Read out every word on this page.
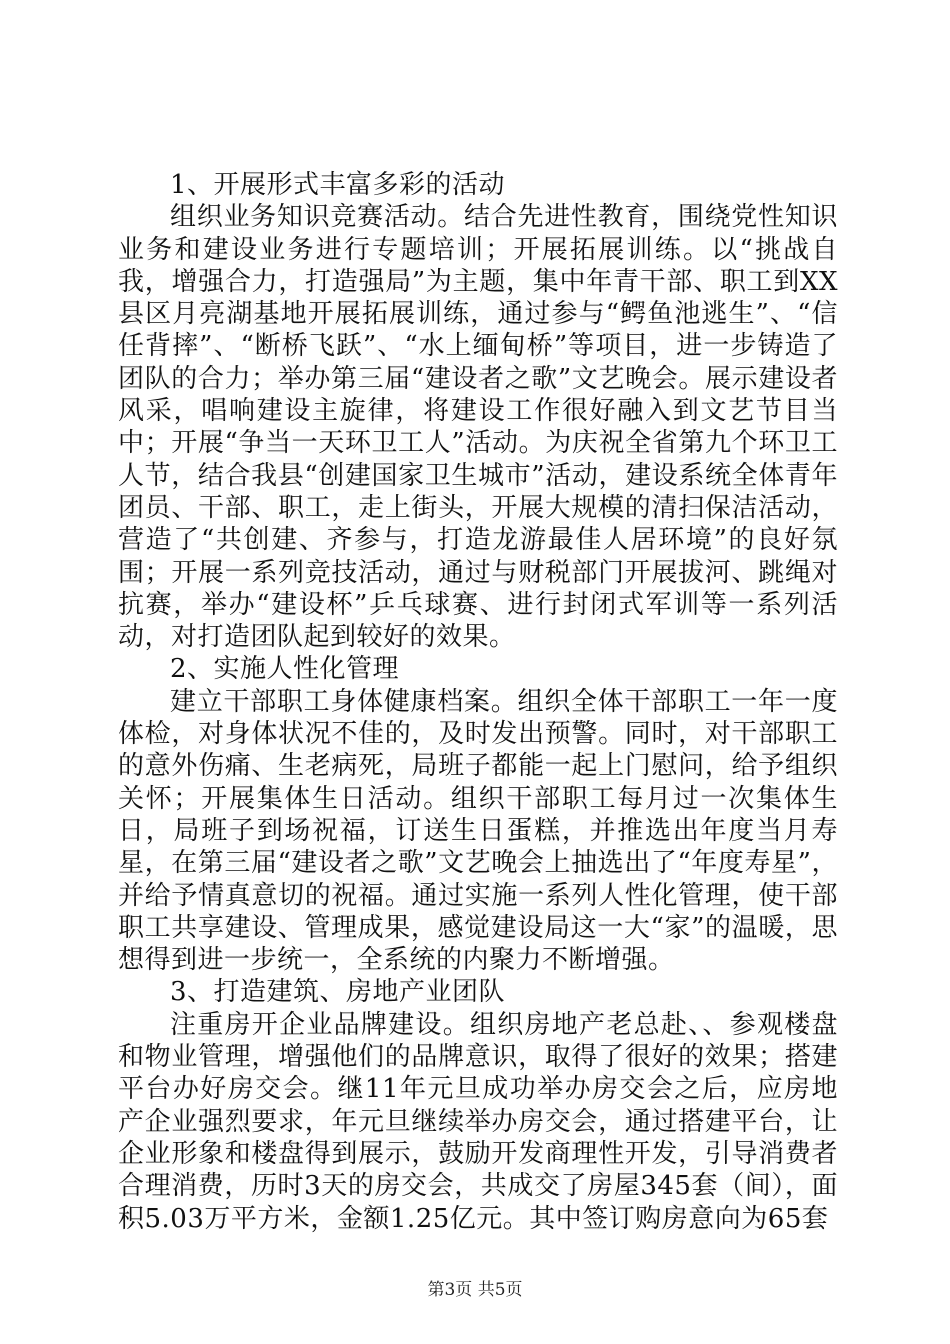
1、开展形式丰富多彩的活动

组织业务知识竞赛活动。结合先进性教育，围绕党性知识业务和建设业务进行专题培训；开展拓展训练。以“挑战自我，增强合力，打造强局”为主题，集中年青干部、职工到XX县区月亮湖基地开展拓展训练，通过参与“鳄鱼池逃生”、“信任背摔”、“断桥飞跃”、“水上缅甸桥”等项目，进一步铸造了团队的合力；举办第三届“建设者之歌”文艺晚会。展示建设者风采，唱响建设主旋律，将建设工作很好融入到文艺节目当中；开展“争当一天环卫工人”活动。为庆祝全省第九个环卫工人节，结合我县“创建国家卫生城市”活动，建设系统全体青年团员、干部、职工，走上街头，开展大规模的清扫保洁活动，营造了“共创建、齐参与，打造龙游最佳人居环境”的良好氛围；开展一系列竞技活动，通过与财税部门开展拔河、跳绳对抗赛，举办“建设杯”乒乓球赛、进行封闭式军训等一系列活动，对打造团队起到较好的效果。

2、实施人性化管理

建立干部职工身体健康档案。组织全体干部职工一年一度体检，对身体状况不佳的，及时发出预警。同时，对干部职工的意外伤痛、生老病死，局班子都能一起上门慰问，给予组织关怀；开展集体生日活动。组织干部职工每月过一次集体生日，局班子到场祝福，订送生日蛋糕，并推选出年度当月寿星，在第三届“建设者之歌”文艺晚会上抽选出了“年度寿星”，并给予情真意切的祝福。通过实施一系列人性化管理，使干部职工共享建设、管理成果，感觉建设局这一大“家”的温暖，思想得到进一步统一，全系统的内聚力不断增强。

3、打造建筑、房地产业团队

注重房开企业品牌建设。组织房地产老总赴、、参观楼盘和物业管理，增强他们的品牌意识，取得了很好的效果；搭建平台办好房交会。继11年元旦成功举办房交会之后，应房地产企业强烈要求，年元旦继续举办房交会，通过搭建平台，让企业形象和楼盘得到展示，鼓励开发商理性开发，引导消费者合理消费，历时3天的房交会，共成交了房屋345套（间），面积5.03万平方米，金额1.25亿元。其中签订购房意向为65套

第3页 共5页
